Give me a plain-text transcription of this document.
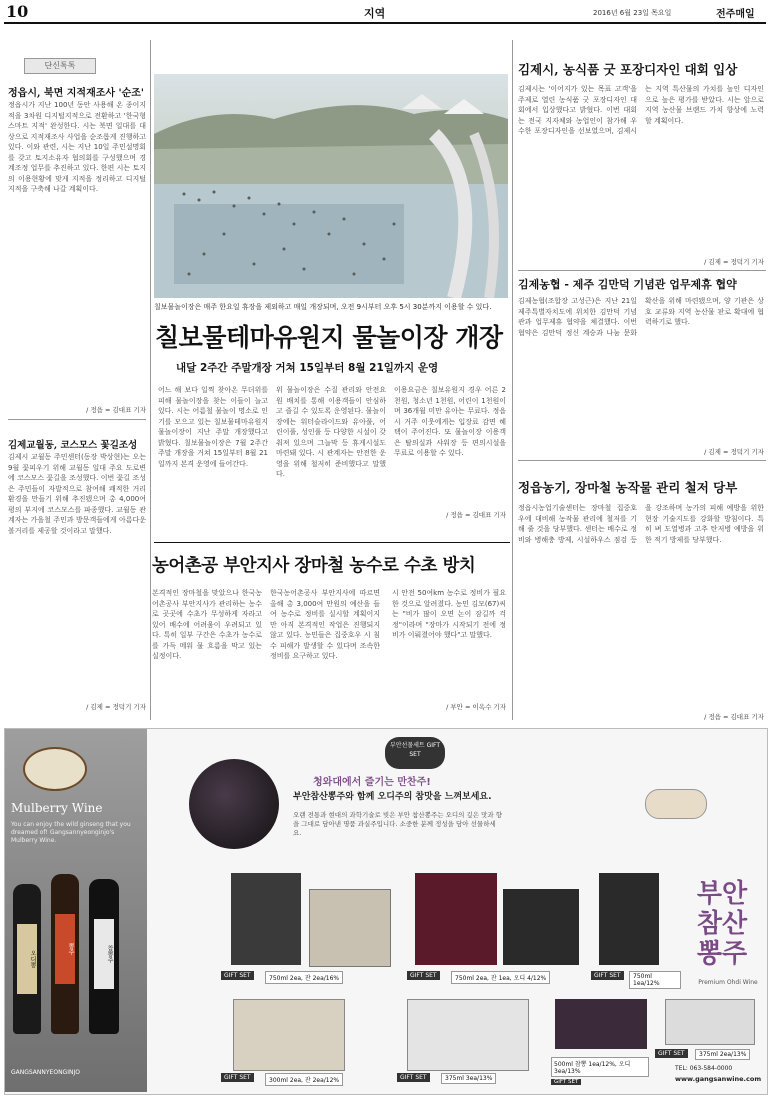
10	지역	2016년 6월 23일 목요일	전주매일
단신톡톡
정읍시, 북면 지적재조사 '순조'
정읍시가 지난 100년 동안 사용해 온 종이지적을 3차원 디지털지적으로 전환하고 '한국형 스마트 지적' 완성한다. 시는 북면 일대를 대상으로 지적재조사 사업을 순조롭게 진행하고 있다. 이와 관련, 시는 지난 10일 주민설명회를 갖고 토지소유자 협의회를 구성했으며 경계조정 업무를 추진하고 있다. 한편 시는 토지의 이용현황에 맞게 지적을 정리하고 디지털 지적을 구축해 나갈 계획이다.
/ 정읍 = 김대표 기자
김제교월동, 코스모스 꽃길조성
김제시 교월동 주민센터(동장 박상현)는 오는 9월 꽃피우기 위해 교월동 일대 주요 도로변에 코스모스 꽃길을 조성했다. 이번 꽃길 조성은 주민들이 자발적으로 참여해 쾌적한 거리 환경을 만들기 위해 추진됐으며 총 4,000여 평의 부지에 코스모스를 파종했다. 교월동 관계자는 가을철 주민과 방문객들에게 아름다운 볼거리를 제공할 것이라고 말했다.
/ 김제 = 정덕기 기자
칠보물놀이장은 매주 한요일 휴장을 제외하고 매일 개장되며, 오전 9시부터 오후 5시 30분까지 이용할 수 있다.
칠보물테마유원지 물놀이장 개장
내달 2주간 주말개장 거쳐 15일부터 8월 21일까지 운영
어느 해 보다 일찍 찾아온 무더위를 피해 물놀이장을 찾는 이들이 늘고 있다. 시는 어름철 물놀이 명소로 인기를 모으고 있는 칠보물테마유원지 물놀이장이 지난 주말 개장했다고 밝혔다. 칠보물놀이장은 7월 2주간 주말 개장을 거쳐 15일부터 8월 21일까지 본격 운영에 들어간다.
위 물놀이장은 수질 관리와 안전요원 배치를 통해 이용객들이 안심하고 즐길 수 있도록 운영된다. 물놀이장에는 워터슬라이드와 유아풀, 어린이풀, 성인풀 등 다양한 시설이 갖춰져 있으며 그늘막 등 휴게시설도 마련돼 있다. 시 관계자는 안전한 운영을 위해 철저히 준비했다고 말했다.
이용요금은 칠보유원지 경우 어른 2천원, 청소년 1천원, 어린이 1천원이며 36개월 미만 유아는 무료다. 정읍시 거주 이웃에게는 입장료 감면 혜택이 주어진다. 또 물놀이장 이용객은 탈의실과 샤워장 등 편의시설을 무료로 이용할 수 있다.
/ 정읍 = 김대표 기자
농어촌공 부안지사 장마철 농수로 수초 방치
본격적인 장마철을 맞았으나 한국농어촌공사 부안지사가 관리하는 농수로 곳곳에 수초가 무성하게 자라고 있어 배수에 어려움이 우려되고 있다. 특히 일부 구간은 수초가 농수로를 가득 메워 물 흐름을 막고 있는 실정이다.
한국농어촌공사 부안지사에 따르면 올해 총 3,000여 만원의 예산을 들여 농수로 정비를 실시할 계획이지만 아직 본격적인 작업은 진행되지 않고 있다. 농민들은 집중호우 시 침수 피해가 발생할 수 있다며 조속한 정비를 요구하고 있다.
시 안전 50여km 농수로 정비가 필요한 것으로 알려졌다. 농민 김모(67)씨는 "비가 많이 오면 논이 잠길까 걱정"이라며 "장마가 시작되기 전에 정비가 이뤄졌어야 했다"고 말했다.
/ 부안 = 이옥수 기자
김제시, 농식품 굿 포장디자인 대회 입상
김제시는 '이어지가 있는 목표 고객'을 주제로 열린 농식품 굿 포장디자인 대회에서 입상했다고 밝혔다. 이번 대회는 전국 지자체와 농업인이 참가해 우수한 포장디자인을 선보였으며, 김제시는 지역 특산물의 가치를 높인 디자인으로 높은 평가를 받았다. 시는 앞으로 지역 농산물 브랜드 가치 향상에 노력할 계획이다.
/ 김제 = 정덕기 기자
김제농협 - 제주 김만덕 기념관 업무제휴 협약
김제농협(조합장 고성근)은 지난 21일 제주특별자치도에 위치한 김만덕 기념관과 업무제휴 협약을 체결했다. 이번 협약은 김만덕 정신 계승과 나눔 문화 확산을 위해 마련됐으며, 양 기관은 상호 교류와 지역 농산물 판로 확대에 협력하기로 했다.
/ 김제 = 정덕기 기자
정읍농기, 장마철 농작물 관리 철저 당부
정읍시농업기술센터는 장마철 집중호우에 대비해 농작물 관리에 철저를 기해 줄 것을 당부했다. 센터는 배수로 정비와 병해충 방제, 시설하우스 점검 등을 강조하며 농가의 피해 예방을 위한 현장 기술지도를 강화할 방침이다. 특히 벼 도열병과 고추 탄저병 예방을 위한 적기 방제를 당부했다.
/ 정읍 = 김대표 기자
Mulberry Wine
You can enjoy the wild ginseng that you dreamed of! Gangsannyeonginjo's Mulberry Wine.
오디뽕
뽕주	참뽕주
GANGSANNYEONGINJO
부안선물세트 GIFT SET
청와대에서 즐기는 만찬주!
부안참산뽕주와 함께 오디주의 참맛을 느껴보세요.
오랜 전통과 현대의 과학기술로 빚은 부안 참산뽕주는 오디의 깊은 맛과 향을 그대로 담아낸 명품 과실주입니다. 소중한 분께 정성을 담아 선물하세요.
GIFT SET	750ml 2ea, 잔 2ea/16%	GIFT SET	750ml 2ea, 잔 1ea, 오디 4/12%	GIFT SET	750ml 1ea/12%
부안참산 뽕주
Premium Ohdi Wine
GIFT SET	300ml 2ea, 잔 2ea/12%	GIFT SET	375ml 3ea/13%
500ml 참뽕 1ea/12%, 오디 3ea/13%
GIFT SET
GIFT SET	375ml 2ea/13%
TEL: 063-584-0000
www.gangsanwine.com
